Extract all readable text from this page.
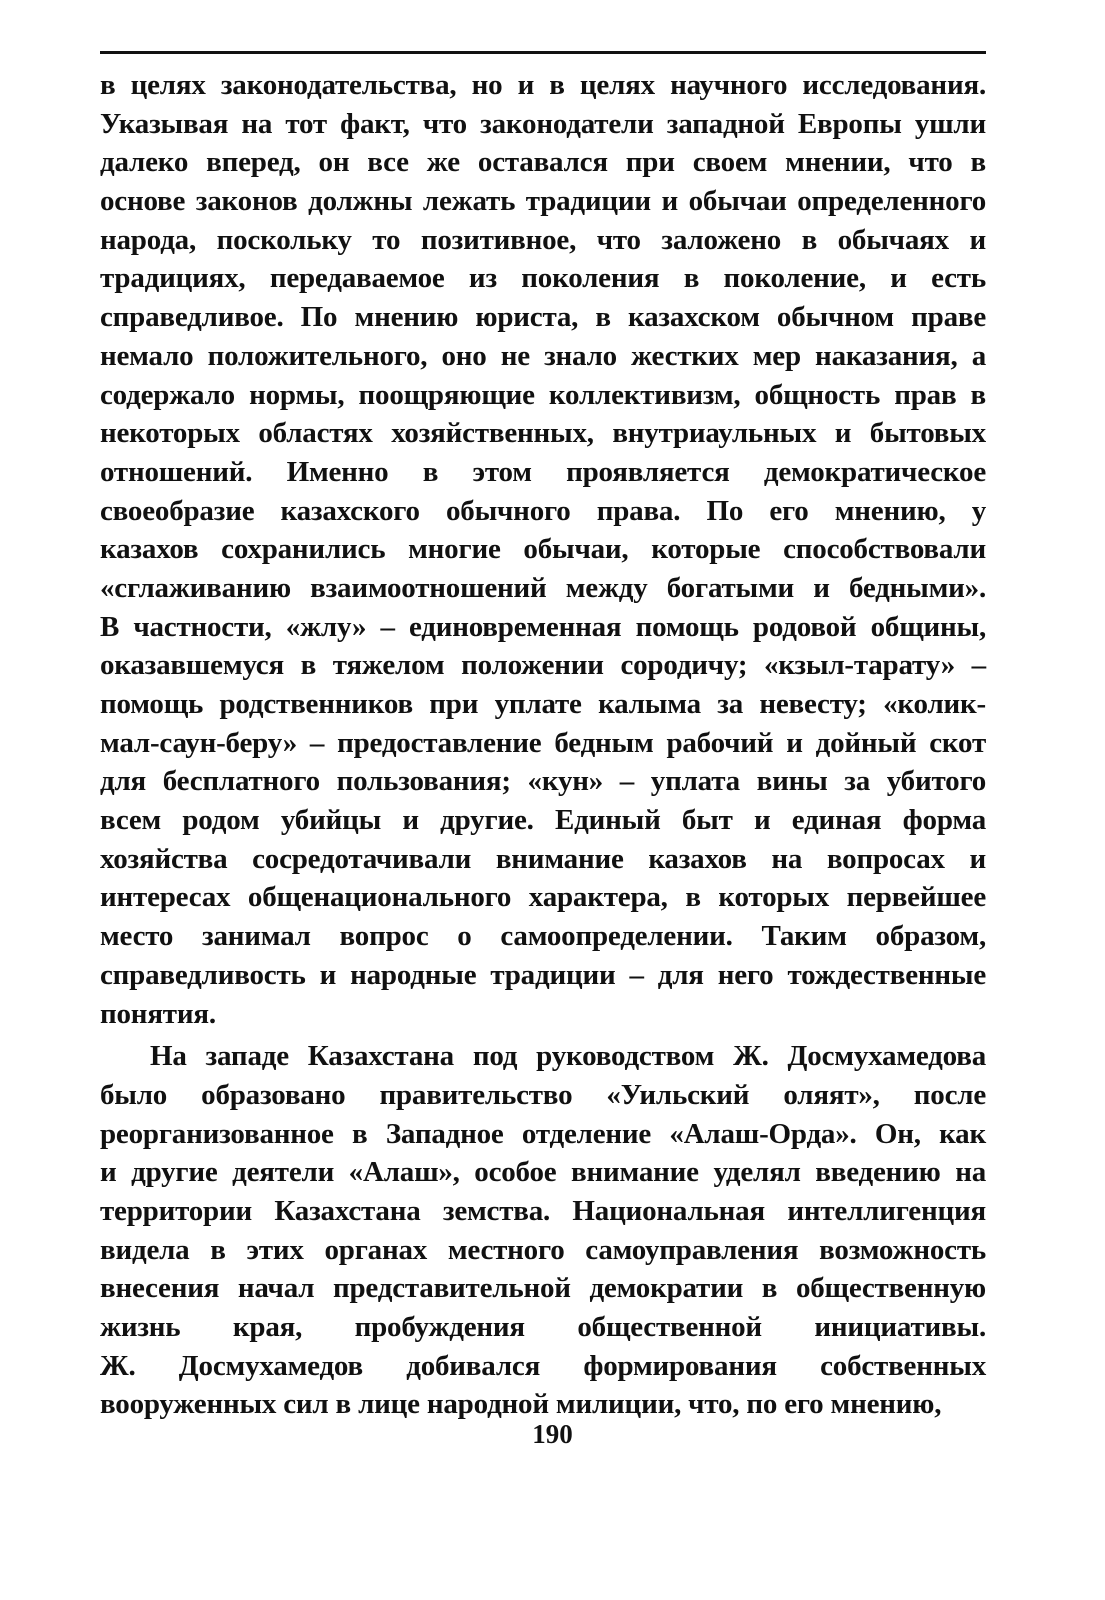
в целях законодательства, но и в целях научного исследования.
Указывая на тот факт, что законодатели западной Европы ушли
далеко вперед, он все же оставался при своем мнении, что в
основе законов должны лежать традиции и обычаи определенного
народа, поскольку то позитивное, что заложено в обычаях и
традициях, передаваемое из поколения в поколение, и есть
справедливое. По мнению юриста, в казахском обычном праве
немало положительного, оно не знало жестких мер наказания, а
содержало нормы, поощряющие коллективизм, общность прав в
некоторых областях хозяйственных, внутриаульных и бытовых
отношений. Именно в этом проявляется демократическое
своеобразие казахского обычного права. По его мнению, у
казахов сохранились многие обычаи, которые способствовали
«сглаживанию взаимоотношений между богатыми и бедными».
В частности, «жлу» – единовременная помощь родовой общины,
оказавшемуся в тяжелом положении сородичу; «кзыл-тарату» –
помощь родственников при уплате калыма за невесту; «колик-
мал-саун-беру» – предоставление бедным рабочий и дойный скот
для бесплатного пользования; «кун» – уплата вины за убитого
всем родом убийцы и другие. Единый быт и единая форма
хозяйства сосредотачивали внимание казахов на вопросах и
интересах общенационального характера, в которых первейшее
место занимал вопрос о самоопределении. Таким образом,
справедливость и народные традиции – для него тождественные
понятия.
На западе Казахстана под руководством Ж. Досмухамедова
было образовано правительство «Уильский оляят», после
реорганизованное в Западное отделение «Алаш-Орда». Он, как
и другие деятели «Алаш», особое внимание уделял введению на
территории Казахстана земства. Национальная интеллигенция
видела в этих органах местного самоуправления возможность
внесения начал представительной демократии в общественную
жизнь края, пробуждения общественной инициативы.
Ж. Досмухамедов добивался формирования собственных
вооруженных сил в лице народной милиции, что, по его мнению,
190
